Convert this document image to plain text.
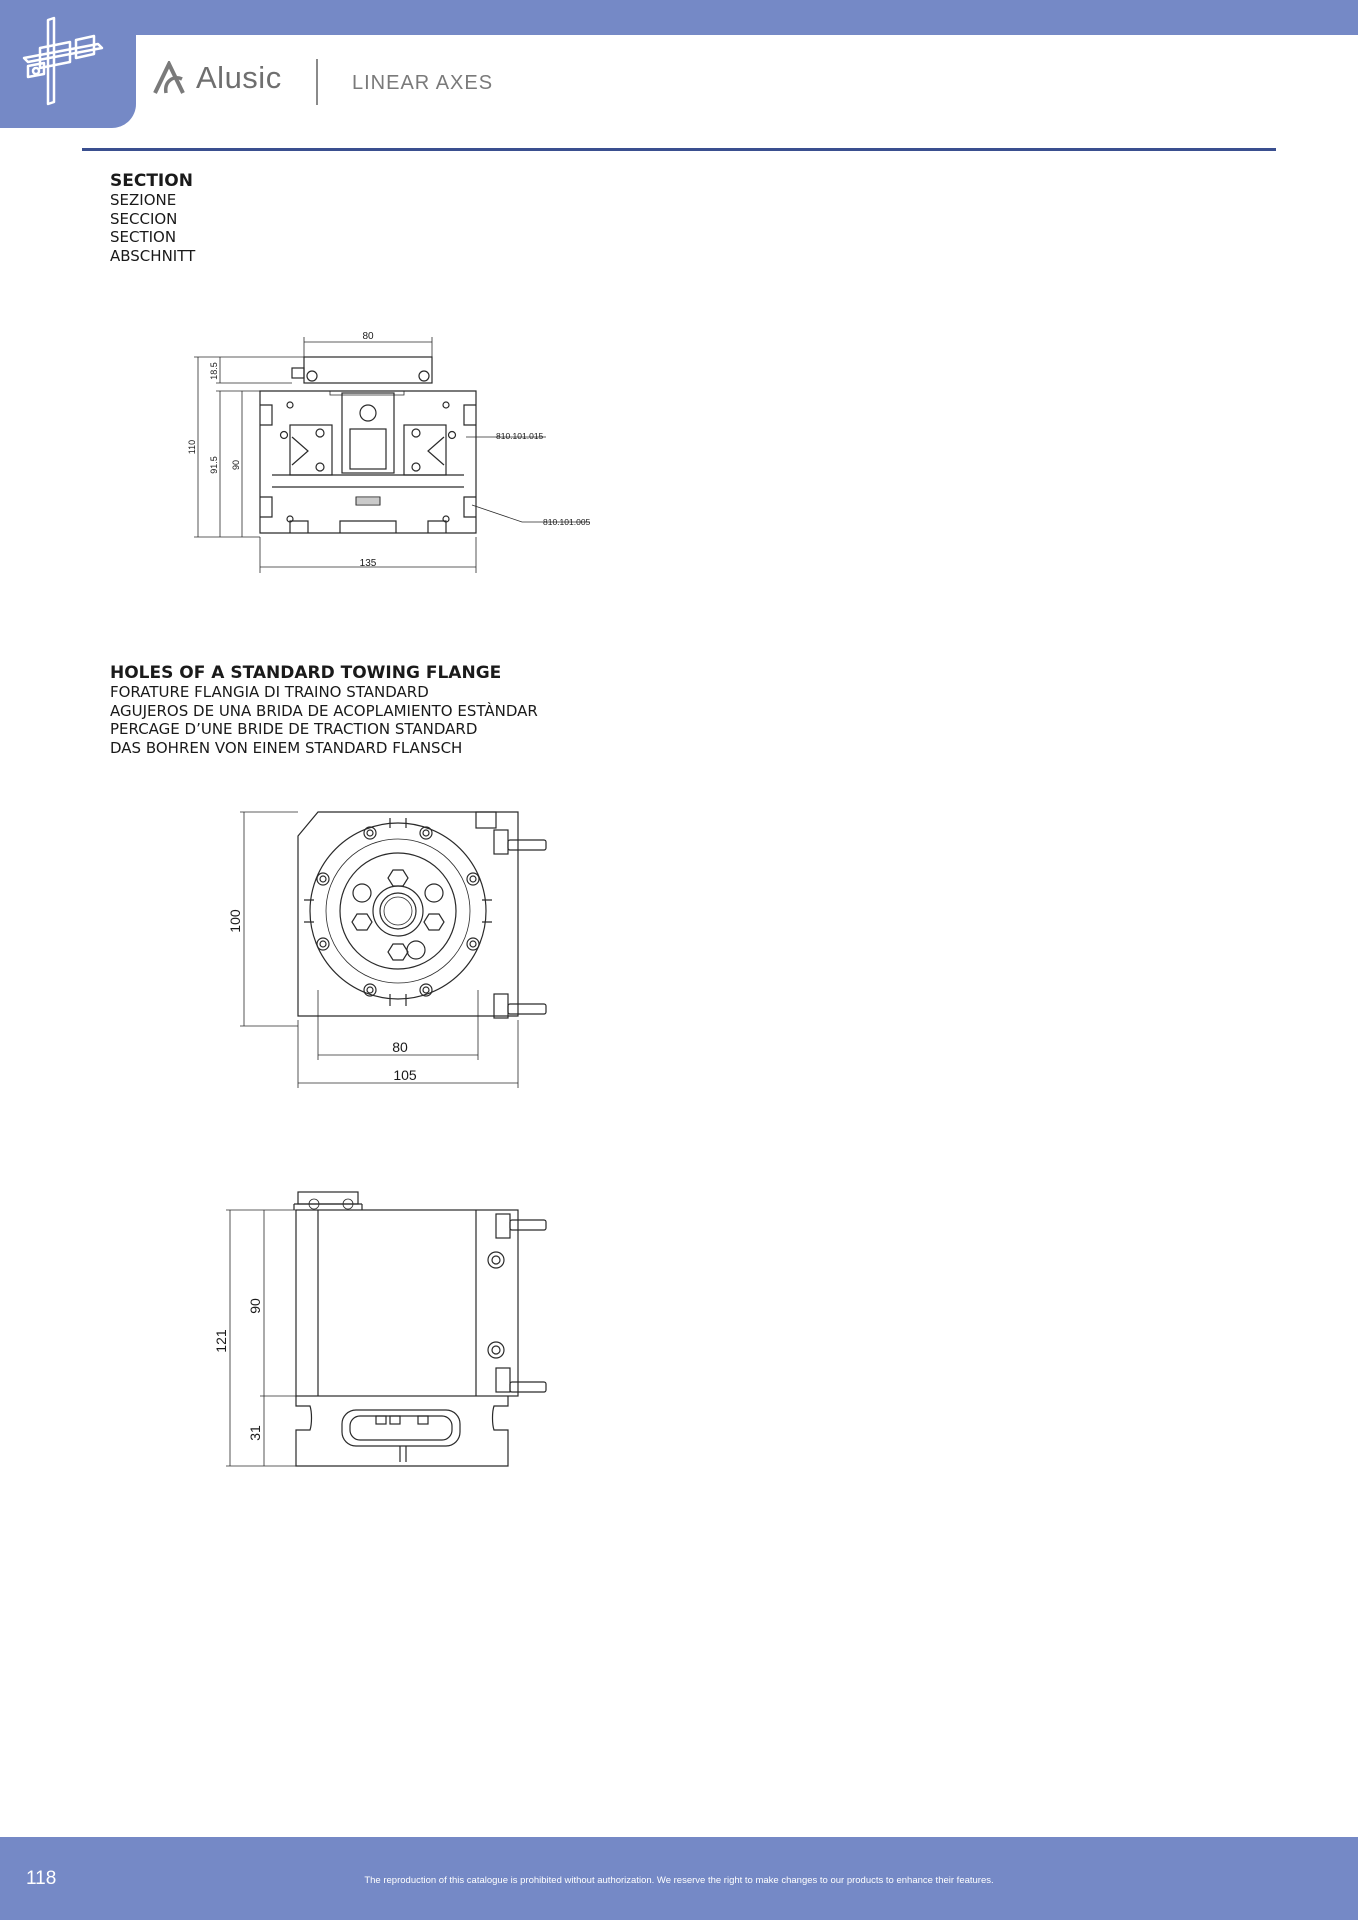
Alusic	LINEAR AXES
SECTION
SEZIONE
SECCION
SECTION
ABSCHNITT
80
135
18.5
110
91.5 90
810.101.015
810.101.005
HOLES OF A STANDARD TOWING FLANGE
FORATURE FLANGIA DI TRAINO STANDARD
AGUJEROS DE UNA BRIDA DE ACOPLAMIENTO ESTÀNDAR
PERCAGE D’UNE BRIDE DE TRACTION STANDARD
DAS BOHREN VON EINEM STANDARD FLANSCH
100
80
105
121
90
31
118	The reproduction of this catalogue is prohibited without authorization. We reserve the right to make changes to our products to enhance their features.
